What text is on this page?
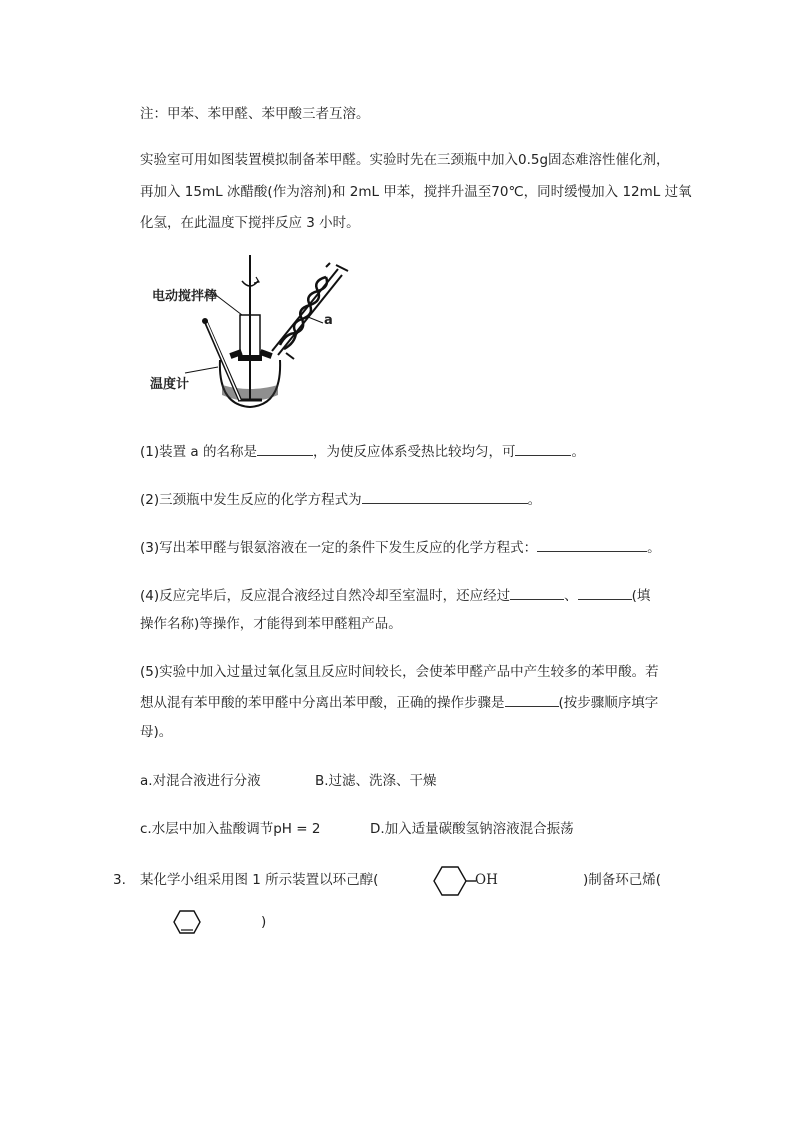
注：甲苯、苯甲醛、苯甲酸三者互溶。
实验室可用如图装置模拟制备苯甲醛。实验时先在三颈瓶中加入0.5g固态难溶性催化剂，
再加入 15mL 冰醋酸(作为溶剂)和 2mL 甲苯，搅拌升温至70℃，同时缓慢加入 12mL 过氧
化氢，在此温度下搅拌反应 3 小时。
电动搅拌棒
温度计
a
(1)装置 a 的名称是	，为使反应体系受热比较均匀，可	。
(2)三颈瓶中发生反应的化学方程式为	。
(3)写出苯甲醛与银氨溶液在一定的条件下发生反应的化学方程式：	。
(4)反应完毕后，反应混合液经过自然冷却至室温时，还应经过	、	(填
操作名称)等操作，才能得到苯甲醛粗产品。
(5)实验中加入过量过氧化氢且反应时间较长，会使苯甲醛产品中产生较多的苯甲酸。若
想从混有苯甲酸的苯甲醛中分离出苯甲酸，正确的操作步骤是	(按步骤顺序填字
母)。
a.对混合液进行分液	B.过滤、洗涤、干燥
c.水层中加入盐酸调节pH = 2	D.加入适量碳酸氢钠溶液混合振荡
3. 某化学小组采用图 1 所示装置以环己醇(	OH	)制备环己烯(
)
